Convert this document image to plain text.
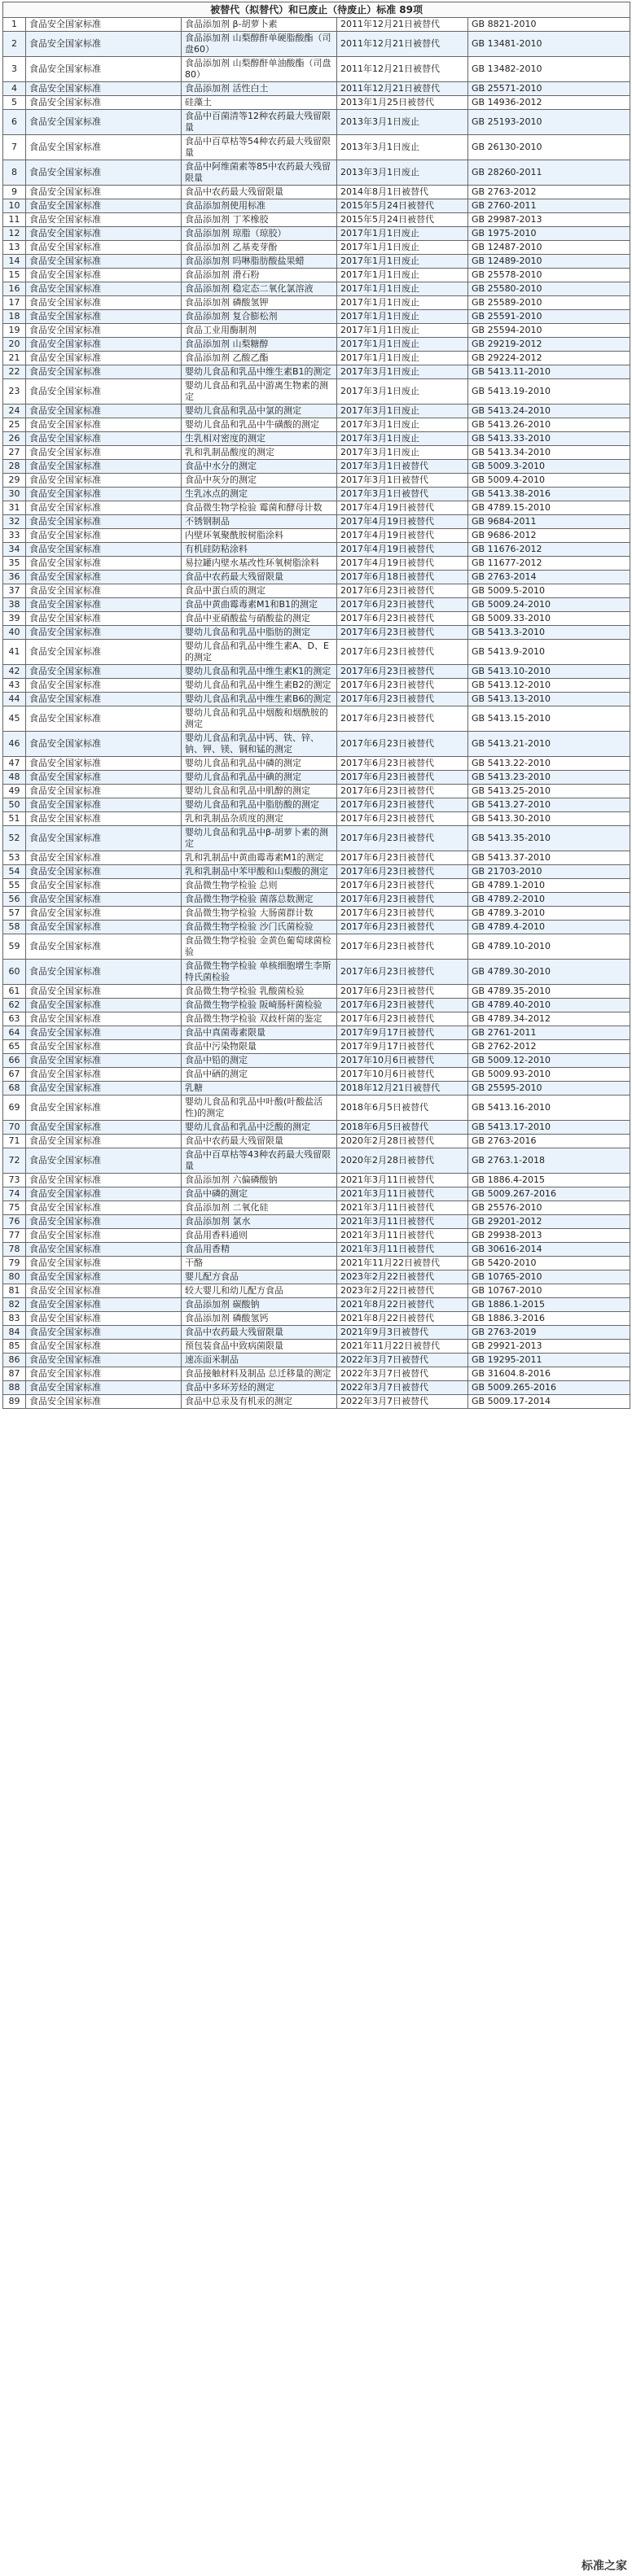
被替代（拟替代）和已废止（待废止）标准 89项				
1	食品安全国家标准	食品添加剂 β-胡萝卜素	2011年12月21日被替代	GB 8821-2010
2	食品安全国家标准	食品添加剂 山梨醇酐单硬脂酸酯（司盘60）	2011年12月21日被替代	GB 13481-2010
3	食品安全国家标准	食品添加剂 山梨醇酐单油酸酯（司盘80）	2011年12月21日被替代	GB 13482-2010
4	食品安全国家标准	食品添加剂 活性白土	2011年12月21日被替代	GB 25571-2010
5	食品安全国家标准	硅藻土	2013年1月25日被替代	GB 14936-2012
6	食品安全国家标准	食品中百菌清等12种农药最大残留限量	2013年3月1日废止	GB 25193-2010
7	食品安全国家标准	食品中百草枯等54种农药最大残留限量	2013年3月1日废止	GB 26130-2010
8	食品安全国家标准	食品中阿维菌素等85中农药最大残留限量	2013年3月1日废止	GB 28260-2011
9	食品安全国家标准	食品中农药最大残留限量	2014年8月1日被替代	GB 2763-2012
10	食品安全国家标准	食品添加剂使用标准	2015年5月24日被替代	GB 2760-2011
11	食品安全国家标准	食品添加剂 丁苯橡胶	2015年5月24日被替代	GB 29987-2013
12	食品安全国家标准	食品添加剂 琼脂（琼胶）	2017年1月1日废止	GB 1975-2010
13	食品安全国家标准	食品添加剂 乙基麦芽酚	2017年1月1日废止	GB 12487-2010
14	食品安全国家标准	食品添加剂 吗啉脂肪酸盐果蜡	2017年1月1日废止	GB 12489-2010
15	食品安全国家标准	食品添加剂 滑石粉	2017年1月1日废止	GB 25578-2010
16	食品安全国家标准	食品添加剂 稳定态二氧化氯溶液	2017年1月1日废止	GB 25580-2010
17	食品安全国家标准	食品添加剂 磷酸氢钾	2017年1月1日废止	GB 25589-2010
18	食品安全国家标准	食品添加剂 复合膨松剂	2017年1月1日废止	GB 25591-2010
19	食品安全国家标准	食品工业用酶制剂	2017年1月1日废止	GB 25594-2010
20	食品安全国家标准	食品添加剂 山梨糖醇	2017年1月1日废止	GB 29219-2012
21	食品安全国家标准	食品添加剂 乙酸乙酯	2017年1月1日废止	GB 29224-2012
22	食品安全国家标准	婴幼儿食品和乳品中维生素B1的测定	2017年3月1日废止	GB 5413.11-2010
23	食品安全国家标准	婴幼儿食品和乳品中游离生物素的测定	2017年3月1日废止	GB 5413.19-2010
24	食品安全国家标准	婴幼儿食品和乳品中氯的测定	2017年3月1日废止	GB 5413.24-2010
25	食品安全国家标准	婴幼儿食品和乳品中牛磺酸的测定	2017年3月1日废止	GB 5413.26-2010
26	食品安全国家标准	生乳相对密度的测定	2017年3月1日废止	GB 5413.33-2010
27	食品安全国家标准	乳和乳制品酸度的测定	2017年3月1日废止	GB 5413.34-2010
28	食品安全国家标准	食品中水分的测定	2017年3月1日被替代	GB 5009.3-2010
29	食品安全国家标准	食品中灰分的测定	2017年3月1日被替代	GB 5009.4-2010
30	食品安全国家标准	生乳冰点的测定	2017年3月1日被替代	GB 5413.38-2016
31	食品安全国家标准	食品微生物学检验 霉菌和酵母计数	2017年4月19日被替代	GB 4789.15-2010
32	食品安全国家标准	不锈钢制品	2017年4月19日被替代	GB 9684-2011
33	食品安全国家标准	内壁环氧聚酰胺树脂涂料	2017年4月19日被替代	GB 9686-2012
34	食品安全国家标准	有机硅防粘涂料	2017年4月19日被替代	GB 11676-2012
35	食品安全国家标准	易拉罐内壁水基改性环氧树脂涂料	2017年4月19日被替代	GB 11677-2012
36	食品安全国家标准	食品中农药最大残留限量	2017年6月18日被替代	GB 2763-2014
37	食品安全国家标准	食品中蛋白质的测定	2017年6月23日被替代	GB 5009.5-2010
38	食品安全国家标准	食品中黄曲霉毒素M1和B1的测定	2017年6月23日被替代	GB 5009.24-2010
39	食品安全国家标准	食品中亚硝酸盐与硝酸盐的测定	2017年6月23日被替代	GB 5009.33-2010
40	食品安全国家标准	婴幼儿食品和乳品中脂肪的测定	2017年6月23日被替代	GB 5413.3-2010
41	食品安全国家标准	婴幼儿食品和乳品中维生素A、D、E的测定	2017年6月23日被替代	GB 5413.9-2010
42	食品安全国家标准	婴幼儿食品和乳品中维生素K1的测定	2017年6月23日被替代	GB 5413.10-2010
43	食品安全国家标准	婴幼儿食品和乳品中维生素B2的测定	2017年6月23日被替代	GB 5413.12-2010
44	食品安全国家标准	婴幼儿食品和乳品中维生素B6的测定	2017年6月23日被替代	GB 5413.13-2010
45	食品安全国家标准	婴幼儿食品和乳品中烟酸和烟酰胺的测定	2017年6月23日被替代	GB 5413.15-2010
46	食品安全国家标准	婴幼儿食品和乳品中钙、铁、锌、钠、钾、镁、铜和锰的测定	2017年6月23日被替代	GB 5413.21-2010
47	食品安全国家标准	婴幼儿食品和乳品中磷的测定	2017年6月23日被替代	GB 5413.22-2010
48	食品安全国家标准	婴幼儿食品和乳品中碘的测定	2017年6月23日被替代	GB 5413.23-2010
49	食品安全国家标准	婴幼儿食品和乳品中肌醇的测定	2017年6月23日被替代	GB 5413.25-2010
50	食品安全国家标准	婴幼儿食品和乳品中脂肪酸的测定	2017年6月23日被替代	GB 5413.27-2010
51	食品安全国家标准	乳和乳制品杂质度的测定	2017年6月23日被替代	GB 5413.30-2010
52	食品安全国家标准	婴幼儿食品和乳品中β-胡萝卜素的测定	2017年6月23日被替代	GB 5413.35-2010
53	食品安全国家标准	乳和乳制品中黄曲霉毒素M1的测定	2017年6月23日被替代	GB 5413.37-2010
54	食品安全国家标准	乳和乳制品中苯甲酸和山梨酸的测定	2017年6月23日被替代	GB 21703-2010
55	食品安全国家标准	食品微生物学检验 总则	2017年6月23日被替代	GB 4789.1-2010
56	食品安全国家标准	食品微生物学检验 菌落总数测定	2017年6月23日被替代	GB 4789.2-2010
57	食品安全国家标准	食品微生物学检验 大肠菌群计数	2017年6月23日被替代	GB 4789.3-2010
58	食品安全国家标准	食品微生物学检验 沙门氏菌检验	2017年6月23日被替代	GB 4789.4-2010
59	食品安全国家标准	食品微生物学检验 金黄色葡萄球菌检验	2017年6月23日被替代	GB 4789.10-2010
60	食品安全国家标准	食品微生物学检验 单核细胞增生李斯特氏菌检验	2017年6月23日被替代	GB 4789.30-2010
61	食品安全国家标准	食品微生物学检验 乳酸菌检验	2017年6月23日被替代	GB 4789.35-2010
62	食品安全国家标准	食品微生物学检验 阪崎肠杆菌检验	2017年6月23日被替代	GB 4789.40-2010
63	食品安全国家标准	食品微生物学检验 双歧杆菌的鉴定	2017年6月23日被替代	GB 4789.34-2012
64	食品安全国家标准	食品中真菌毒素限量	2017年9月17日被替代	GB 2761-2011
65	食品安全国家标准	食品中污染物限量	2017年9月17日被替代	GB 2762-2012
66	食品安全国家标准	食品中铅的测定	2017年10月6日被替代	GB 5009.12-2010
67	食品安全国家标准	食品中硒的测定	2017年10月6日被替代	GB 5009.93-2010
68	食品安全国家标准	乳糖	2018年12月21日被替代	GB 25595-2010
69	食品安全国家标准	婴幼儿食品和乳品中叶酸(叶酸盐活性)的测定	2018年6月5日被替代	GB 5413.16-2010
70	食品安全国家标准	婴幼儿食品和乳品中泛酸的测定	2018年6月5日被替代	GB 5413.17-2010
71	食品安全国家标准	食品中农药最大残留限量	2020年2月28日被替代	GB 2763-2016
72	食品安全国家标准	食品中百草枯等43种农药最大残留限量	2020年2月28日被替代	GB 2763.1-2018
73	食品安全国家标准	食品添加剂 六偏磷酸钠	2021年3月11日被替代	GB 1886.4-2015
74	食品安全国家标准	食品中磷的测定	2021年3月11日被替代	GB 5009.267-2016
75	食品安全国家标准	食品添加剂 二氧化硅	2021年3月11日被替代	GB 25576-2010
76	食品安全国家标准	食品添加剂 氯水	2021年3月11日被替代	GB 29201-2012
77	食品安全国家标准	食品用香料通则	2021年3月11日被替代	GB 29938-2013
78	食品安全国家标准	食品用香精	2021年3月11日被替代	GB 30616-2014
79	食品安全国家标准	干酪	2021年11月22日被替代	GB 5420-2010
80	食品安全国家标准	婴儿配方食品	2023年2月22日被替代	GB 10765-2010
81	食品安全国家标准	较大婴儿和幼儿配方食品	2023年2月22日被替代	GB 10767-2010
82	食品安全国家标准	食品添加剂 碳酸钠	2021年8月22日被替代	GB 1886.1-2015
83	食品安全国家标准	食品添加剂 磷酸氢钙	2021年8月22日被替代	GB 1886.3-2016
84	食品安全国家标准	食品中农药最大残留限量	2021年9月3日被替代	GB 2763-2019
85	食品安全国家标准	预包装食品中致病菌限量	2021年11月22日被替代	GB 29921-2013
86	食品安全国家标准	速冻面米制品	2022年3月7日被替代	GB 19295-2011
87	食品安全国家标准	食品接触材料及制品 总迁移量的测定	2022年3月7日被替代	GB 31604.8-2016
88	食品安全国家标准	食品中多环芳烃的测定	2022年3月7日被替代	GB 5009.265-2016
89	食品安全国家标准	食品中总汞及有机汞的测定	2022年3月7日被替代	GB 5009.17-2014
标准之家
